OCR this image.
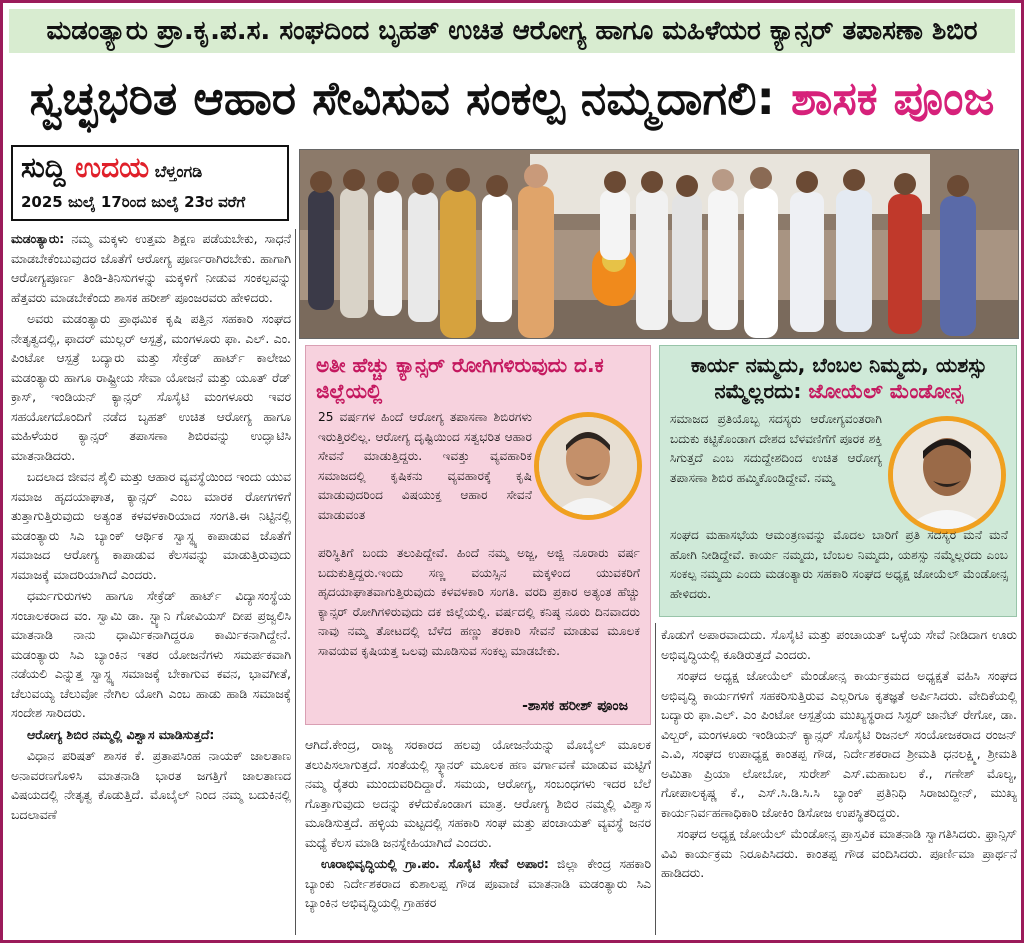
ಮಡಂತ್ಯಾರು ಪ್ರಾ.ಕೃ.ಪ.ಸ. ಸಂಘದಿಂದ ಬೃಹತ್ ಉಚಿತ ಆರೋಗ್ಯ ಹಾಗೂ ಮಹಿಳೆಯರ ಕ್ಯಾನ್ಸರ್ ತಪಾಸಣಾ ಶಿಬಿರ
ಸ್ವಚ್ಛಭರಿತ ಆಹಾರ ಸೇವಿಸುವ ಸಂಕಲ್ಪ ನಮ್ಮದಾಗಲಿ: ಶಾಸಕ ಪೂಂಜ
ಸುದ್ದಿ ಉದಯ ಬೆಳ್ತಂಗಡಿ
2025 ಜುಲೈ 17ರಿಂದ ಜುಲೈ 23ರ ವರೆಗೆ

ಮಡಂತ್ಯಾರು: ನಮ್ಮ ಮಕ್ಕಳು ಉತ್ತಮ ಶಿಕ್ಷಣ ಪಡೆಯಬೇಕು, ಸಾಧನೆ ಮಾಡಬೇಕೆಂಬುವುದರ ಜೊತೆಗೆ ಆರೋಗ್ಯ ಪೂರ್ಣರಾಗಿರಬೇಕು. ಹಾಗಾಗಿ ಆರೋಗ್ಯಪೂರ್ಣ ತಿಂಡಿ-ತಿನಿಸುಗಳನ್ನು ಮಕ್ಕಳಿಗೆ ನೀಡುವ ಸಂಕಲ್ಪವನ್ನು ಹೆತ್ತವರು ಮಾಡಬೇಕೆಂದು ಶಾಸಕ ಹರೀಶ್ ಪೂಂಜರವರು ಹೇಳಿದರು.

ಅವರು ಮಡಂತ್ಯಾರು ಪ್ರಾಥಮಿಕ ಕೃಷಿ ಪತ್ತಿನ ಸಹಕಾರಿ ಸಂಘದ ನೇತೃತ್ವದಲ್ಲಿ, ಫಾದರ್ ಮುಲ್ಲರ್ ಆಸ್ಪತ್ರೆ, ಮಂಗಳೂರು ಫಾ. ಎಲ್. ಎಂ. ಪಿಂಟೋ ಆಸ್ಪತ್ರೆ ಬದ್ಯಾರು ಮತ್ತು ಸೇಕ್ರೆಡ್ ಹಾರ್ಟ್ ಕಾಲೇಜು ಮಡಂತ್ಯಾರು ಹಾಗೂ ರಾಷ್ಟ್ರೀಯ ಸೇವಾ ಯೋಜನೆ ಮತ್ತು ಯೂತ್ ರೆಡ್ ಕ್ರಾಸ್, ಇಂಡಿಯನ್ ಕ್ಯಾನ್ಸರ್ ಸೊಸೈಟಿ ಮಂಗಳೂರು ಇವರ ಸಹಯೋಗದೊಂದಿಗೆ ನಡೆದ ಬೃಹತ್ ಉಚಿತ ಆರೋಗ್ಯ ಹಾಗೂ ಮಹಿಳೆಯರ ಕ್ಯಾನ್ಸರ್ ತಪಾಸಣಾ ಶಿಬಿರವನ್ನು ಉದ್ಘಾಟಿಸಿ ಮಾತನಾಡಿದರು.

ಬದಲಾದ ಜೀವನ ಶೈಲಿ ಮತ್ತು ಆಹಾರ ವ್ಯವಸ್ಥೆಯಿಂದ ಇಂದು ಯುವ ಸಮಾಜ ಹೃದಯಾಘಾತ, ಕ್ಯಾನ್ಸರ್ ಎಂಬ ಮಾರಕ ರೋಗಗಳಿಗೆ ತುತ್ತಾಗುತ್ತಿರುವುದು ಅತ್ಯಂತ ಕಳವಳಕಾರಿಯಾದ ಸಂಗತಿ.ಈ ನಿಟ್ಟಿನಲ್ಲಿ ಮಡಂತ್ಯಾರು ಸಿಎ ಬ್ಯಾಂಕ್ ಆರ್ಥಿಕ ಸ್ವಾಸ್ಥ್ಯ ಕಾಪಾಡುವ ಜೊತೆಗೆ ಸಮಾಜದ ಆರೋಗ್ಯ ಕಾಪಾಡುವ ಕೆಲಸವನ್ನು ಮಾಡುತ್ತಿರುವುದು ಸಮಾಜಕ್ಕೆ ಮಾದರಿಯಾಗಿದೆ ಎಂದರು.

ಧರ್ಮಗುರುಗಳು ಹಾಗೂ ಸೇಕ್ರೆಡ್ ಹಾರ್ಟ್ ವಿದ್ಯಾಸಂಸ್ಥೆಯ ಸಂಚಾಲಕರಾದ ವಂ. ಸ್ವಾಮಿ ಡಾ. ಸ್ಟ್ಯಾನಿ ಗೋವಿಯಸ್ ದೀಪ ಪ್ರಜ್ವಲಿಸಿ ಮಾತನಾಡಿ ನಾನು ಧಾರ್ಮಿಕನಾಗಿದ್ದರೂ ಕಾರ್ಮಿಕನಾಗಿದ್ದೇನೆ. ಮಡಂತ್ಯಾರು ಸಿಎ ಬ್ಯಾಂಕಿನ ಇತರ ಯೋಜನೆಗಳು ಸಮರ್ಪಕವಾಗಿ ನಡೆಯಲಿ ಎನ್ನುತ್ತ ಸ್ವಾಸ್ಥ್ಯ ಸಮಾಜಕ್ಕೆ ಬೇಕಾಗುವ ಕವನ, ಭಾವಗೀತೆ, ಚೆಲುವಯ್ಯ ಚೆಲುವೋ ನೇಗಿಲ ಯೋಗಿ ಎಂಬ ಹಾಡು ಹಾಡಿ ಸಮಾಜಕ್ಕೆ ಸಂದೇಶ ಸಾರಿದರು.

ಆರೋಗ್ಯ ಶಿಬಿರ ನಮ್ಮಲ್ಲಿ ವಿಶ್ವಾಸ ಮಾಡಿಸುತ್ತದೆ:

ವಿಧಾನ ಪರಿಷತ್ ಶಾಸಕ ಕೆ. ಪ್ರತಾಪಸಿಂಹ ನಾಯಕ್ ಜಾಲತಾಣ ಅನಾವರಣಗೊಳಿಸಿ ಮಾತನಾಡಿ ಭಾರತ ಜಗತ್ತಿಗೆ ಜಾಲತಾಣದ ವಿಷಯದಲ್ಲಿ ನೇತೃತ್ವ ಕೊಡುತ್ತಿದೆ. ಮೊಬೈಲ್ ನಿಂದ ನಮ್ಮ ಬದುಕಿನಲ್ಲಿ ಬದಲಾವಣೆ

ಅತೀ ಹೆಚ್ಚು ಕ್ಯಾನ್ಸರ್ ರೋಗಿಗಳಿರುವುದು ದ.ಕ ಜಿಲ್ಲೆಯಲ್ಲಿ
25 ವರ್ಷಗಳ ಹಿಂದೆ ಆರೋಗ್ಯ ತಪಾಸಣಾ ಶಿಬಿರಗಳು ಇರುತ್ತಿರಲಿಲ್ಲ. ಆರೋಗ್ಯ ದೃಷ್ಟಿಯಿಂದ ಸತ್ವಭರಿತ ಆಹಾರ ಸೇವನೆ ಮಾಡುತ್ತಿದ್ದರು. ಇವತ್ತು ವ್ಯವಹಾರಿಕ ಸಮಾಜದಲ್ಲಿ ಕೃಷಿಕನು ವ್ಯವಹಾರಕ್ಕೆ ಕೃಷಿ ಮಾಡುವುದರಿಂದ ವಿಷಯುಕ್ತ ಆಹಾರ ಸೇವನೆ ಮಾಡುವಂತ
ಪರಿಸ್ಥಿತಿಗೆ ಬಂದು ತಲುಪಿದ್ದೇವೆ. ಹಿಂದೆ ನಮ್ಮ ಅಜ್ಜ, ಅಜ್ಜಿ ನೂರಾರು ವರ್ಷ ಬದುಕುತ್ತಿದ್ದರು.ಇಂದು ಸಣ್ಣ ವಯಸ್ಸಿನ ಮಕ್ಕಳಿಂದ ಯುವಕರಿಗೆ ಹೃದಯಾಘಾತವಾಗುತ್ತಿರುವುದು ಕಳವಳಕಾರಿ ಸಂಗತಿ. ವರದಿ ಪ್ರಕಾರ ಅತ್ಯಂತ ಹೆಚ್ಚು ಕ್ಯಾನ್ಸರ್ ರೋಗಿಗಳಿರುವುದು ದಕ ಜಿಲ್ಲೆಯಲ್ಲಿ. ವರ್ಷದಲ್ಲಿ ಕನಿಷ್ಠ ನೂರು ದಿನವಾದರು ನಾವು ನಮ್ಮ ತೋಟದಲ್ಲಿ ಬೆಳೆದ ಹಣ್ಣು ತರಕಾರಿ ಸೇವನೆ ಮಾಡುವ ಮೂಲಕ ಸಾವಯವ ಕೃಷಿಯತ್ತ ಒಲವು ಮೂಡಿಸುವ ಸಂಕಲ್ಪ ಮಾಡಬೇಕು.
-ಶಾಸಕ ಹರೀಶ್ ಪೂಂಜ
ಕಾರ್ಯ ನಮ್ಮದು, ಬೆಂಬಲ ನಿಮ್ಮದು, ಯಶಸ್ಸು ನಮ್ಮೆಲ್ಲರದು: ಜೋಯೆಲ್ ಮೆಂಡೋನ್ಸ
ಸಮಾಜದ ಪ್ರತಿಯೊಬ್ಬ ಸದಸ್ಯರು ಆರೋಗ್ಯವಂತರಾಗಿ ಬದುಕು ಕಟ್ಟಿಕೊಂಡಾಗ ದೇಶದ ಬೆಳವಣಿಗೆಗೆ ಪೂರಕ ಶಕ್ತಿ ಸಿಗುತ್ತದೆ ಎಂಬ ಸದುದ್ದೇಶದಿಂದ ಉಚಿತ ಆರೋಗ್ಯ ತಪಾಸಣಾ ಶಿಬಿರ ಹಮ್ಮಿಕೊಂಡಿದ್ದೇವೆ. ನಮ್ಮ
ಸಂಘದ ಮಹಾಸಭೆಯ ಆಮಂತ್ರಣವನ್ನು ಮೊದಲ ಬಾರಿಗೆ ಪ್ರತಿ ಸದಸ್ಯರ ಮನೆ ಮನೆ ಹೋಗಿ ನೀಡಿದ್ದೇವೆ. ಕಾರ್ಯ ನಮ್ಮದು, ಬೆಂಬಲ ನಿಮ್ಮದು, ಯಶಸ್ಸು ನಮ್ಮೆಲ್ಲರದು ಎಂಬ ಸಂಕಲ್ಪ ನಮ್ಮದು ಎಂದು ಮಡಂತ್ಯಾರು ಸಹಕಾರಿ ಸಂಘದ ಅಧ್ಯಕ್ಷ ಜೋಯೆಲ್ ಮೆಂಡೋನ್ಸ ಹೇಳಿದರು.

ಆಗಿದೆ.ಕೇಂದ್ರ, ರಾಜ್ಯ ಸರಕಾರದ ಹಲವು ಯೋಜನೆಯನ್ನು ಮೊಬೈಲ್ ಮೂಲಕ ತಲುಪಿಸಲಾಗುತ್ತದೆ. ಸಂತೆಯಲ್ಲಿ ಸ್ಕ್ಯಾನರ್ ಮೂಲಕ ಹಣ ವರ್ಗಾವಣೆ ಮಾಡುವ ಮಟ್ಟಿಗೆ ನಮ್ಮ ರೈತರು ಮುಂದುವರಿದಿದ್ದಾರೆ. ಸಮಯ, ಆರೋಗ್ಯ, ಸಂಬಂಧಗಳು ಇದರ ಬೆಲೆ ಗೊತ್ತಾಗುವುದು ಅದನ್ನು ಕಳೆದುಕೊಂಡಾಗ ಮಾತ್ರ. ಆರೋಗ್ಯ ಶಿಬಿರ ನಮ್ಮಲ್ಲಿ ವಿಶ್ವಾಸ ಮೂಡಿಸುತ್ತದೆ. ಹಳ್ಳಿಯ ಮಟ್ಟದಲ್ಲಿ ಸಹಕಾರಿ ಸಂಘ ಮತ್ತು ಪಂಚಾಯತ್ ವ್ಯವಸ್ಥೆ ಜನರ ಮಧ್ಯೆ ಕೆಲಸ ಮಾಡಿ ಜನಸ್ನೇಹಿಯಾಗಿದೆ ಎಂದರು.

ಊರಾಭಿವೃದ್ಧಿಯಲ್ಲಿ ಗ್ರಾ.ಪಂ. ಸೊಸೈಟಿ ಸೇವೆ ಅಪಾರ: ಜಿಲ್ಲಾ ಕೇಂದ್ರ ಸಹಕಾರಿ ಬ್ಯಾಂಕು ನಿರ್ದೇಶಕರಾದ ಕುಶಾಲಪ್ಪ ಗೌಡ ಪೂವಾಜೆ ಮಾತನಾಡಿ ಮಡಂತ್ಯಾರು ಸಿಎ ಬ್ಯಾಂಕಿನ ಅಭಿವೃದ್ಧಿಯಲ್ಲಿ ಗ್ರಾಹಕರ

ಕೊಡುಗೆ ಅಪಾರವಾದುದು. ಸೊಸೈಟಿ ಮತ್ತು ಪಂಚಾಯತ್ ಒಳ್ಳೆಯ ಸೇವೆ ನೀಡಿದಾಗ ಊರು ಅಭಿವೃದ್ಧಿಯಲ್ಲಿ ಕೂಡಿರುತ್ತದೆ ಎಂದರು.

ಸಂಘದ ಅಧ್ಯಕ್ಷ ಜೋಯೆಲ್ ಮೆಂಡೋನ್ಸ ಕಾರ್ಯಕ್ರಮದ ಅಧ್ಯಕ್ಷತೆ ವಹಿಸಿ ಸಂಘದ ಅಭಿವೃದ್ಧಿ ಕಾರ್ಯಗಳಿಗೆ ಸಹಕರಿಸುತ್ತಿರುವ ಎಲ್ಲರಿಗೂ ಕೃತಜ್ಞತೆ ಅರ್ಪಿಸಿದರು. ವೇದಿಕೆಯಲ್ಲಿ ಬದ್ಯಾರು ಫಾ.ಎಲ್. ಎಂ ಪಿಂಟೋ ಆಸ್ಪತ್ರೆಯ ಮುಖ್ಯಸ್ಥರಾದ ಸಿಸ್ಟರ್ ಜಾನೆಟ್ ರೇಗೋ, ಡಾ. ವಿಲ್ಬರ್, ಮಂಗಳೂರು ಇಂಡಿಯನ್ ಕ್ಯಾನ್ಸರ್ ಸೊಸೈಟಿ ರಿಜನಲ್ ಸಂಯೋಜಕರಾದ ರಂಜನ್ ಎ.ವಿ, ಸಂಘದ ಉಪಾಧ್ಯಕ್ಷ ಕಾಂತಪ್ಪ ಗೌಡ, ನಿರ್ದೇಶಕರಾದ ಶ್ರೀಮತಿ ಧನಲಕ್ಷ್ಮಿ, ಶ್ರೀಮತಿ ಅಮಿತಾ ಪ್ರಿಯಾ ಲೋಬೋ, ಸುರೇಶ್ ಎಸ್.ಮಹಾಬಲ ಕೆ., ಗಣೇಶ್ ಮೊಲ್ಯ, ಗೋಪಾಲಕೃಷ್ಣ ಕೆ., ಎಸ್.ಸಿ.ಡಿ.ಸಿ.ಸಿ ಬ್ಯಾಂಕ್ ಪ್ರತಿನಿಧಿ ಸಿರಾಜುದ್ದೀನ್, ಮುಖ್ಯ ಕಾರ್ಯನಿರ್ವಹಣಾಧಿಕಾರಿ ಜೋಕಿಂ ಡಿಸೋಜ ಉಪಸ್ಥಿತರಿದ್ದರು.

ಸಂಘದ ಅಧ್ಯಕ್ಷ ಜೋಯೆಲ್ ಮೆಂಡೋನ್ಸ ಪ್ರಾಸ್ತವಿಕ ಮಾತನಾಡಿ ಸ್ವಾಗತಿಸಿದರು. ಫ್ರಾನ್ಸಿಸ್ ವಿವಿ ಕಾರ್ಯಕ್ರಮ ನಿರೂಪಿಸಿದರು. ಕಾಂತಪ್ಪ ಗೌಡ ವಂದಿಸಿದರು. ಪೂರ್ಣಿಮಾ ಪ್ರಾರ್ಥನೆ ಹಾಡಿದರು.
